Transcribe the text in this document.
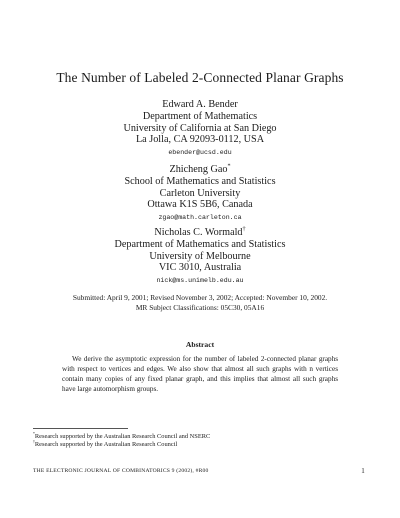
The Number of Labeled 2-Connected Planar Graphs
Edward A. Bender
Department of Mathematics
University of California at San Diego
La Jolla, CA 92093-0112, USA
ebender@ucsd.edu
Zhicheng Gao*
School of Mathematics and Statistics
Carleton University
Ottawa K1S 5B6, Canada
zgao@math.carleton.ca
Nicholas C. Wormald†
Department of Mathematics and Statistics
University of Melbourne
VIC 3010, Australia
nick@ms.unimelb.edu.au
Submitted: April 9, 2001; Revised November 3, 2002; Accepted: November 10, 2002.
MR Subject Classifications: 05C30, 05A16
Abstract
We derive the asymptotic expression for the number of labeled 2-connected planar graphs with respect to vertices and edges. We also show that almost all such graphs with n vertices contain many copies of any fixed planar graph, and this implies that almost all such graphs have large automorphism groups.
*Research supported by the Australian Research Council and NSERC
†Research supported by the Australian Research Council
THE ELECTRONIC JOURNAL OF COMBINATORICS 9 (2002), #R00	1
